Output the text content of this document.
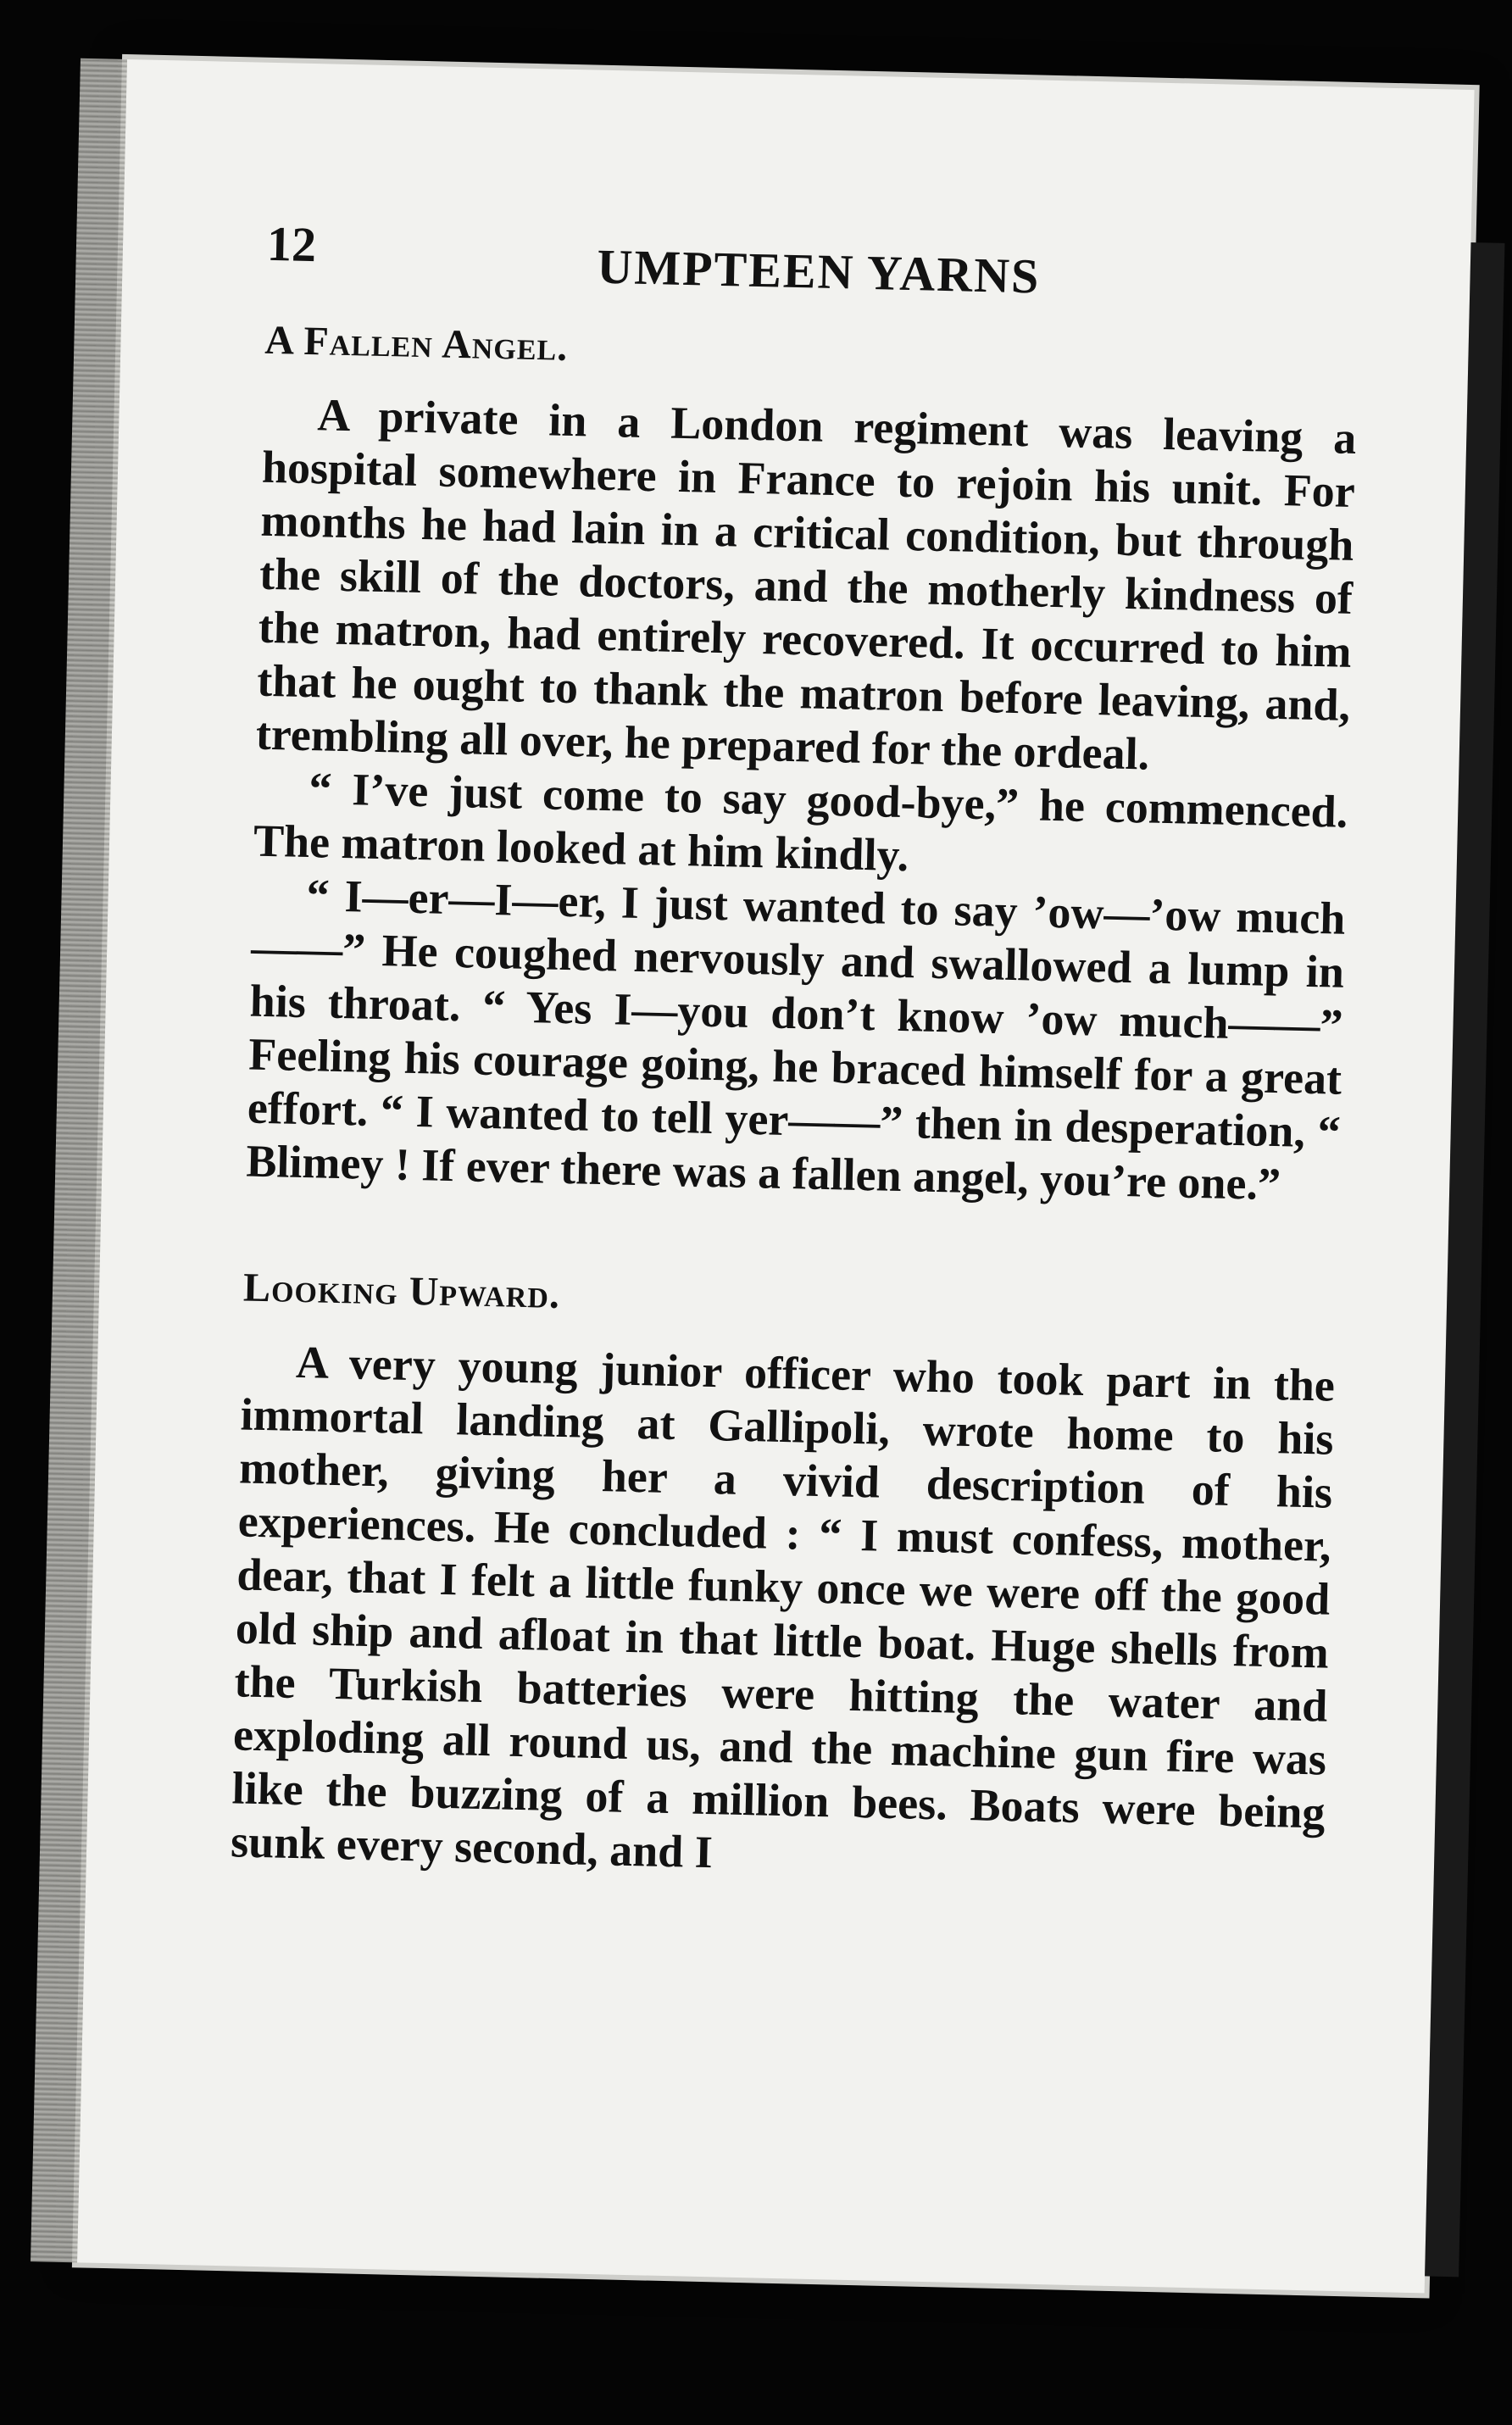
12	UMPTEEN YARNS
A Fallen Angel.

A private in a London regiment was leaving a hospital somewhere in France to rejoin his unit. For months he had lain in a critical condition, but through the skill of the doctors, and the motherly kindness of the matron, had entirely recovered. It occurred to him that he ought to thank the matron before leaving, and, trembling all over, he prepared for the ordeal.

“ I’ve just come to say good-bye,” he commenced. The matron looked at him kindly.

“ I—er—I—er, I just wanted to say ’ow—’ow much——” He coughed nervously and swallowed a lump in his throat. “ Yes I—you don’t know ’ow much——” Feeling his courage going, he braced himself for a great effort. “ I wanted to tell yer——” then in desperation, “ Blimey ! If ever there was a fallen angel, you’re one.”

Looking Upward.

A very young junior officer who took part in the immortal landing at Gallipoli, wrote home to his mother, giving her a vivid description of his experiences. He concluded : “ I must confess, mother, dear, that I felt a little funky once we were off the good old ship and afloat in that little boat. Huge shells from the Turkish batteries were hitting the water and exploding all round us, and the machine gun fire was like the buzzing of a million bees. Boats were being sunk every second, and I
